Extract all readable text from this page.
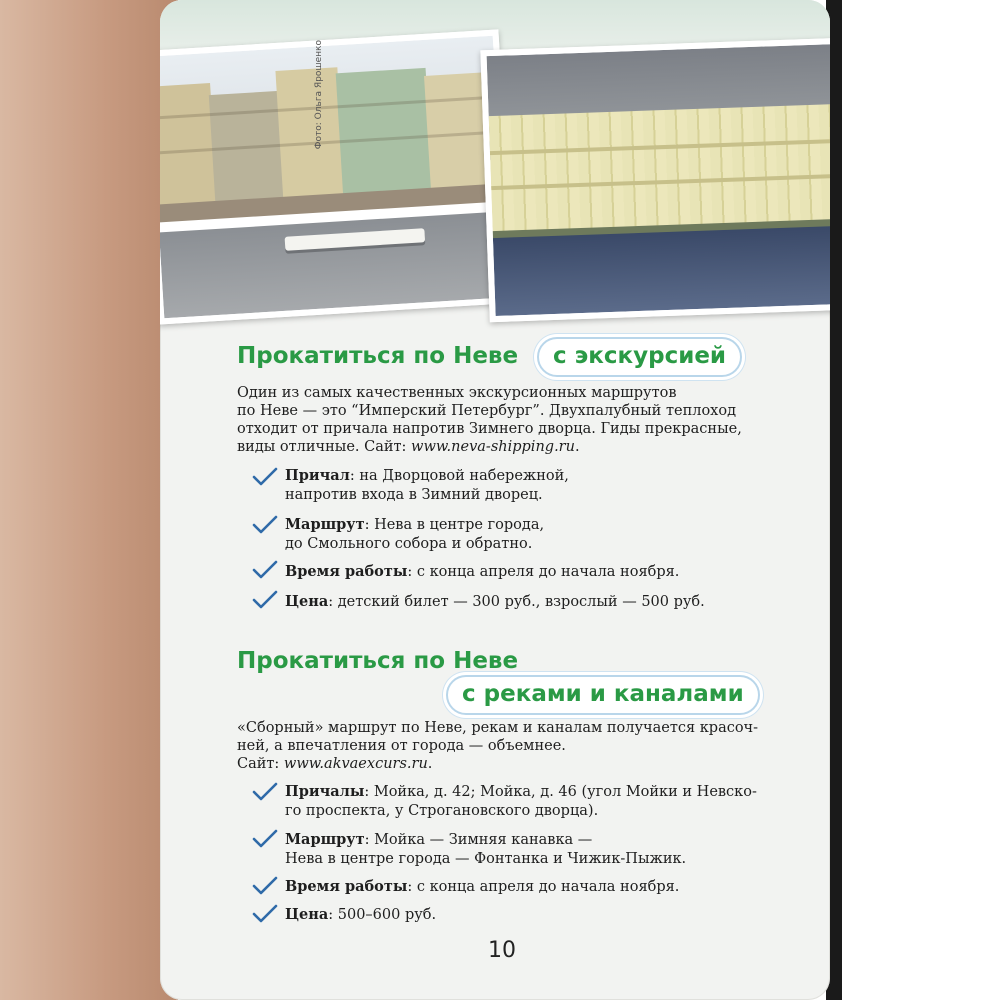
Фото: Ольга Ярошенко
Прокатиться по Неве	с экскурсией
Один из самых качественных экскурсионных маршрутов
по Неве — это “Имперский Петербург”. Двухпалубный теплоход
отходит от причала напротив Зимнего дворца. Гиды прекрасные,
виды отличные. Сайт: www.neva-shipping.ru.
Причал: на Дворцовой набережной,
напротив входа в Зимний дворец.
Маршрут: Нева в центре города,
до Смольного собора и обратно.
Время работы: с конца апреля до начала ноября.
Цена: детский билет — 300 руб., взрослый — 500 руб.
Прокатиться по Неве
с реками и каналами
«Сборный» маршрут по Неве, рекам и каналам получается красоч-
ней, а впечатления от города — объемнее.
Сайт: www.akvaexcurs.ru.
Причалы: Мойка, д. 42; Мойка, д. 46 (угол Мойки и Невско-
го проспекта, у Строгановского дворца).
Маршрут: Мойка — Зимняя канавка —
Нева в центре города — Фонтанка и Чижик-Пыжик.
Время работы: с конца апреля до начала ноября.
Цена: 500–600 руб.
10
